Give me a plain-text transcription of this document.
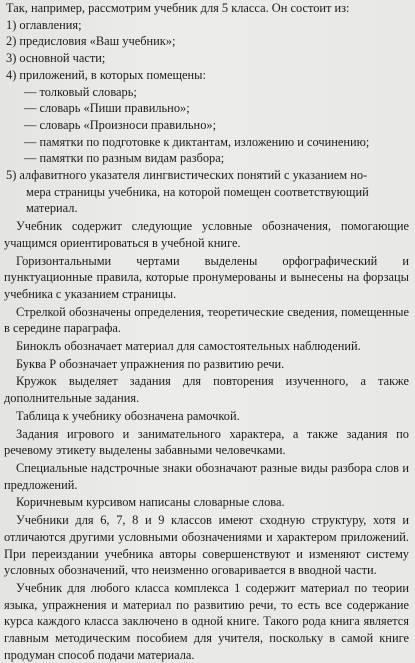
Так, например, рассмотрим учебник для 5 класса. Он состоит из:

1) оглавления;
2) предисловия «Ваш учебник»;
3) основной части;
4) приложений, в которых помещены:
— толковый словарь;
— словарь «Пиши правильно»;
— словарь «Произноси правильно»;
— памятки по подготовке к диктантам, изложению и сочинению;
— памятки по разным видам разбора;

5) алфавитного указателя лингвистических понятий с указанием но-

мера страницы учебника, на которой помещен соответствующий

материал.

Учебник содержит следующие условные обозначения, помогающие учащимся ориентироваться в учебной книге.

Горизонтальными чертами выделены орфографический и пунктуационные правила, которые пронумерованы и вынесены на форзацы учебника с указанием страницы.

Стрелкой обозначены определения, теоретические сведения, помещенные в середине параграфа.

Биноклъ обозначает материал для самостоятельных наблюдений.

Буква Р обозначает упражнения по развитию речи.

Кружок выделяет задания для повторения изученного, а также дополнительные задания.

Таблица к учебнику обозначена рамочкой.

Задания игрового и занимательного характера, а также задания по речевому этикету выделены забавными человечками.

Специальные надстрочные знаки обозначают разные виды разбора слов и предложений.

Коричневым курсивом написаны словарные слова.

Учебники для 6, 7, 8 и 9 классов имеют сходную структуру, хотя и отличаются другими условными обозначениями и характером приложений. При переиздании учебника авторы совершенствуют и изменяют систему условных обозначений, что неизменно оговаривается в вводной части.

Учебник для любого класса комплекса 1 содержит материал по теории языка, упражнения и материал по развитию речи, то есть все содержание курса каждого класса заключено в одной книге. Такого рода книга является главным методическим пособием для учителя, поскольку в самой книге продуман способ подачи материала.
